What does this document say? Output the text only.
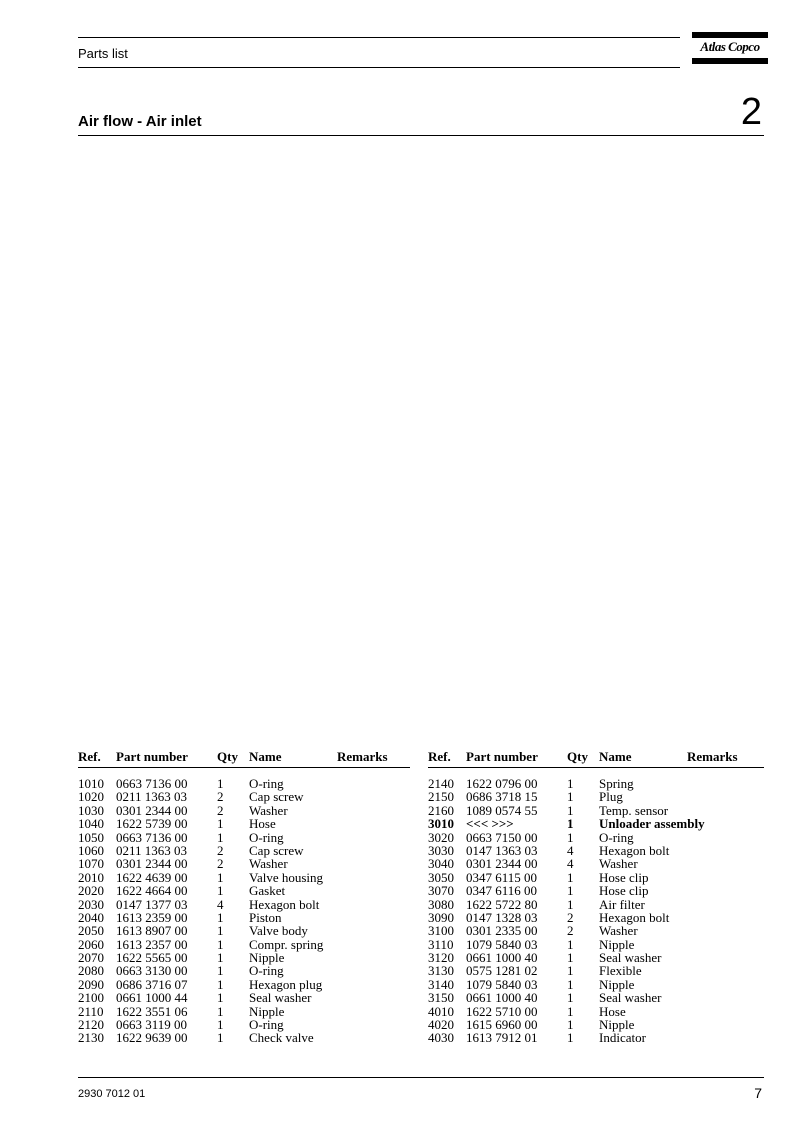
Parts list	Atlas Copco
Air flow - Air inlet	2
Ref. Part number Qty Name	Remarks
1010 0663 7136 00 1 O-ring
1020 0211 1363 03 2 Cap screw
1030 0301 2344 00 2 Washer
1040 1622 5739 00 1 Hose
1050 0663 7136 00 1 O-ring
1060 0211 1363 03 2 Cap screw
1070 0301 2344 00 2 Washer
2010 1622 4639 00 1 Valve housing
2020 1622 4664 00 1 Gasket
2030 0147 1377 03 4 Hexagon bolt
2040 1613 2359 00 1 Piston
2050 1613 8907 00 1 Valve body
2060 1613 2357 00 1 Compr. spring
2070 1622 5565 00 1 Nipple
2080 0663 3130 00 1 O-ring
2090 0686 3716 07 1 Hexagon plug
2100 0661 1000 44 1 Seal washer
2110 1622 3551 06 1 Nipple
2120 0663 3119 00 1 O-ring
2130 1622 9639 00 1 Check valve
Ref. Part number Qty Name	Remarks
2140 1622 0796 00 1 Spring
2150 0686 3718 15 1 Plug
2160 1089 0574 55 1 Temp. sensor
3010 <<< >>>	1 Unloader assembly
3020 0663 7150 00 1 O-ring
3030 0147 1363 03 4 Hexagon bolt
3040 0301 2344 00 4 Washer
3050 0347 6115 00 1 Hose clip
3070 0347 6116 00 1 Hose clip
3080 1622 5722 80 1 Air filter
3090 0147 1328 03 2 Hexagon bolt
3100 0301 2335 00 2 Washer
3110 1079 5840 03 1 Nipple
3120 0661 1000 40 1 Seal washer
3130 0575 1281 02 1 Flexible
3140 1079 5840 03 1 Nipple
3150 0661 1000 40 1 Seal washer
4010 1622 5710 00 1 Hose
4020 1615 6960 00 1 Nipple
4030 1613 7912 01 1 Indicator
2930 7012 01	7
